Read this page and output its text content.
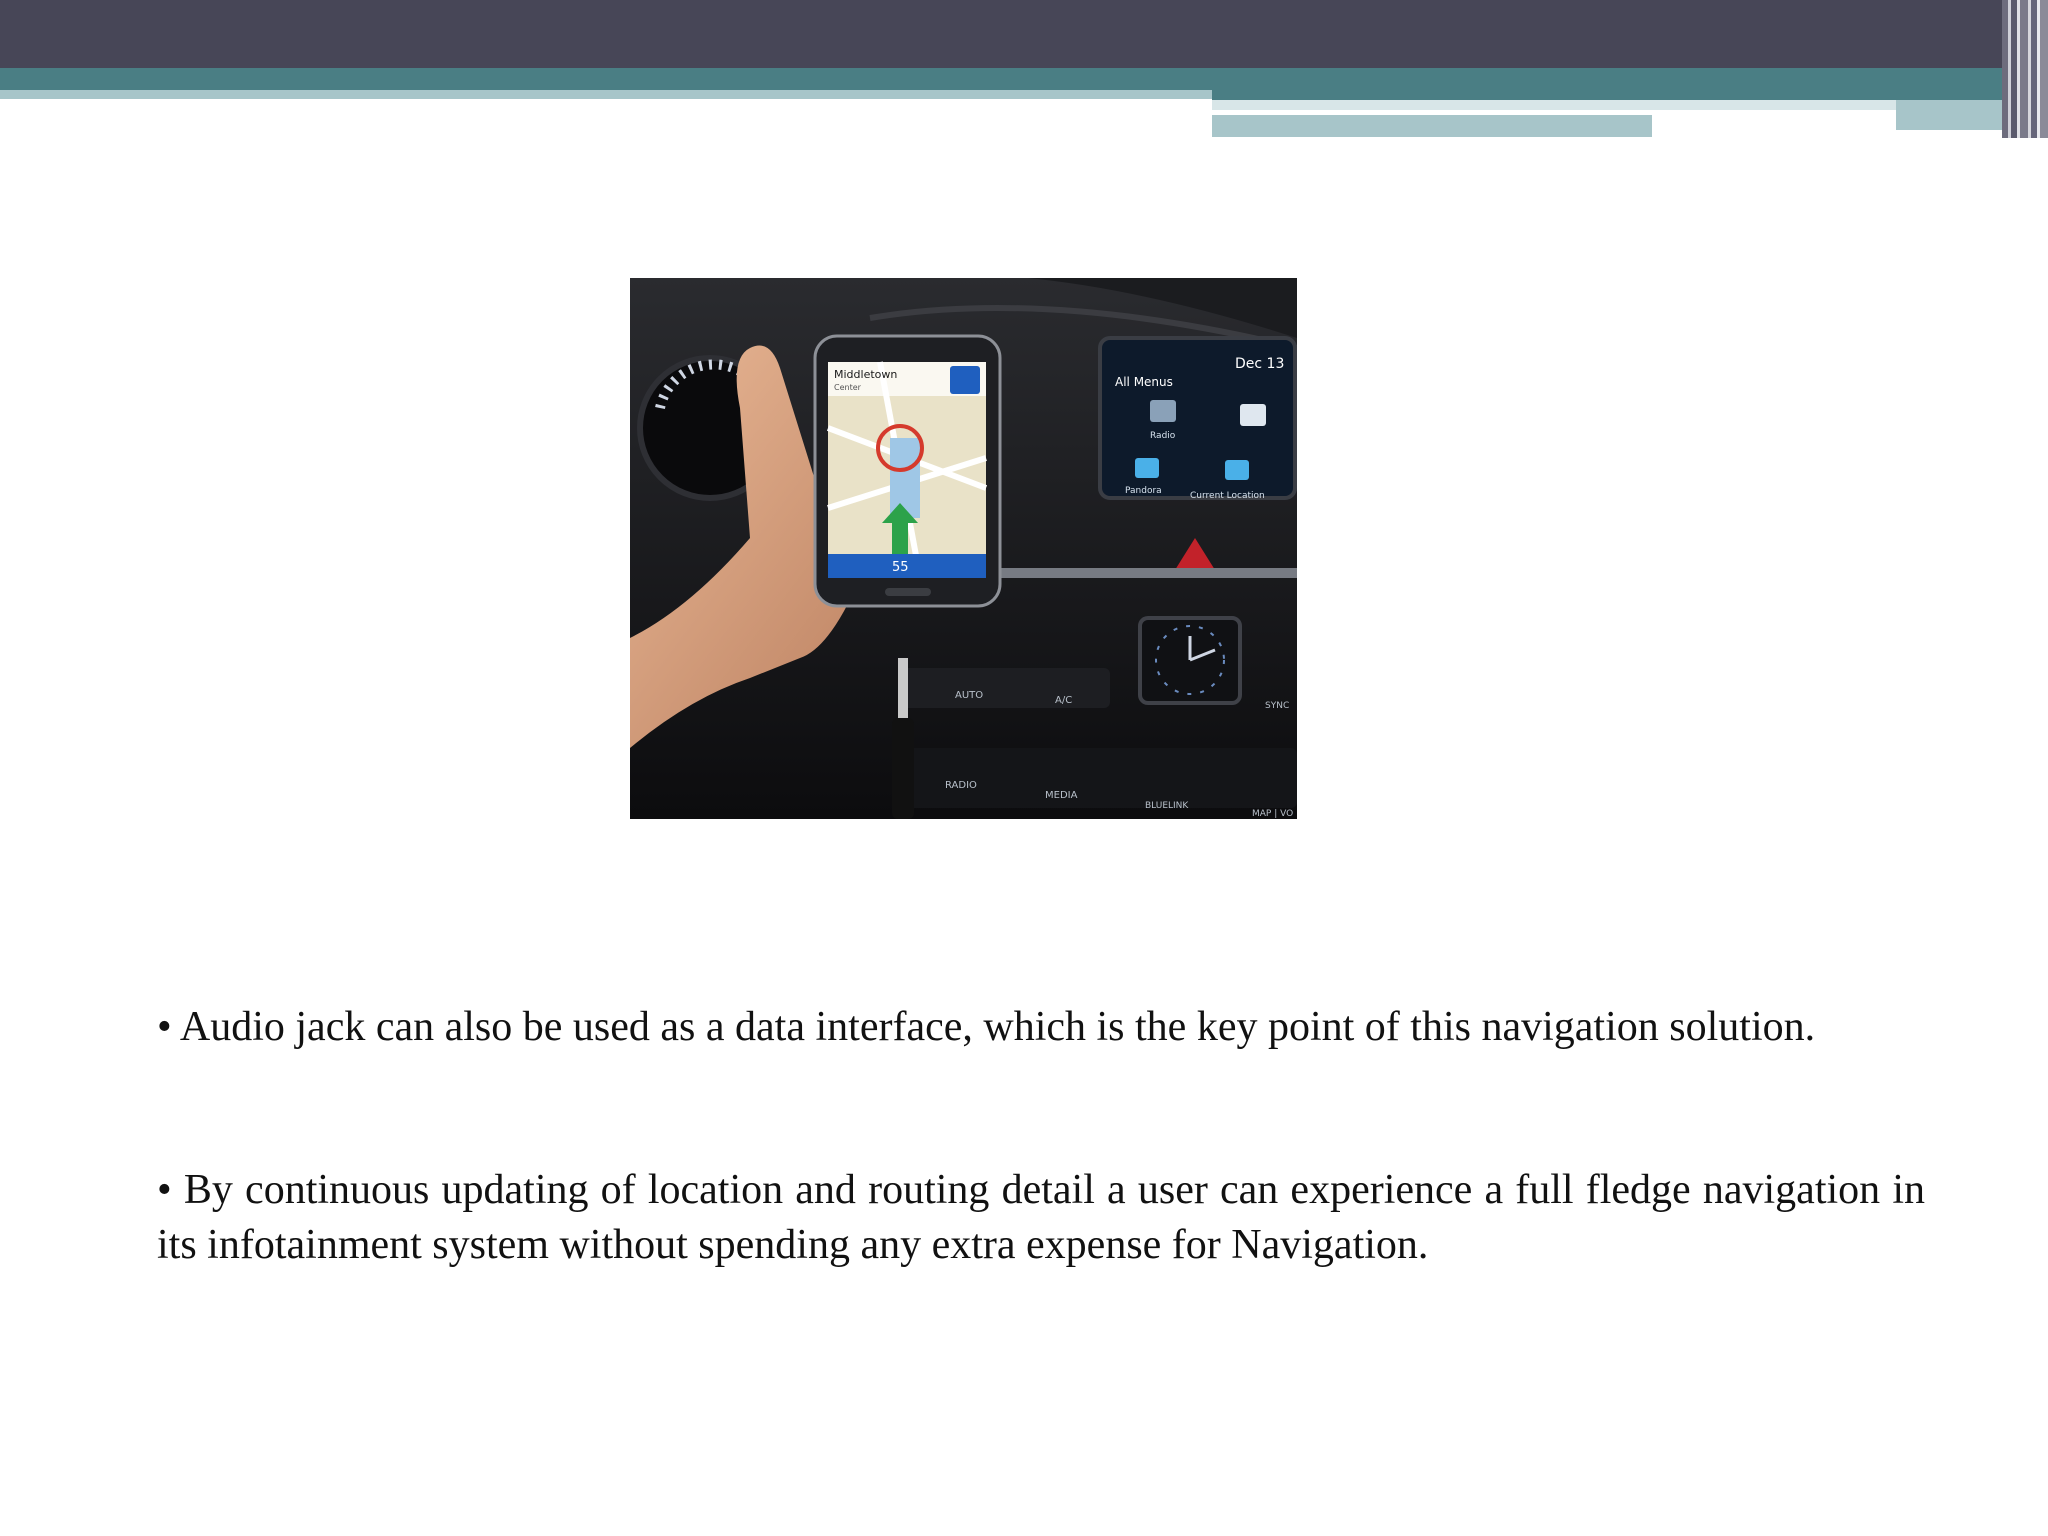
Dec 13
All Menus
Radio
Pandora	Current Location
AUTO	A/C	SYNC
RADIO
MEDIA
BLUELINK
MAP | VO
Middletown
Center
55

• Audio jack can also be used as a data interface, which is the key point of this navigation solution.

• By continuous updating of location and routing detail a user can experience a full fledge navigation in its infotainment system without spending any extra expense for Navigation.
